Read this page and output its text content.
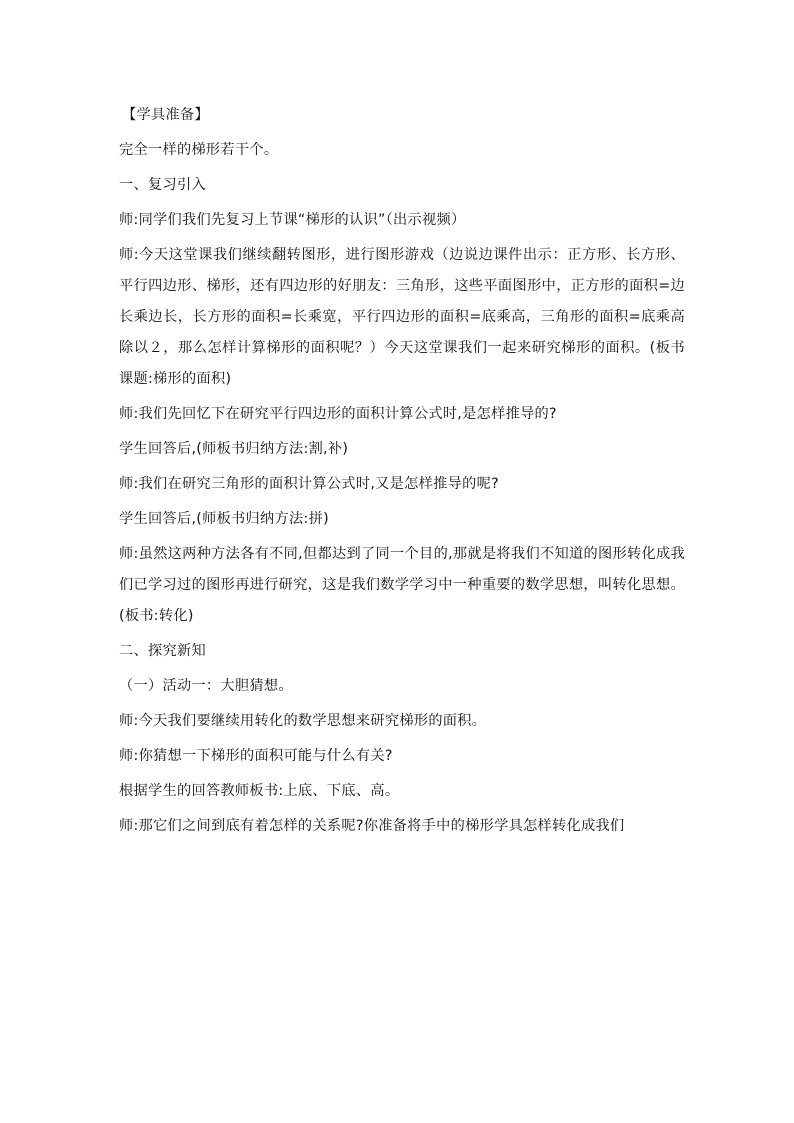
【学具准备】

完全一样的梯形若干个。

一、复习引入

师:同学们我们先复习上节课“梯形的认识”（出示视频）

师:今天这堂课我们继续翻转图形，进行图形游戏（边说边课件出示：正方形、长方形、平行四边形、梯形，还有四边形的好朋友：三角形，这些平面图形中，正方形的面积=边长乘边长，长方形的面积=长乘宽，平行四边形的面积=底乘高，三角形的面积=底乘高除以２，那么怎样计算梯形的面积呢？）今天这堂课我们一起来研究梯形的面积。(板书课题:梯形的面积)

师:我们先回忆下在研究平行四边形的面积计算公式时,是怎样推导的?

学生回答后,(师板书归纳方法:割,补)

师:我们在研究三角形的面积计算公式时,又是怎样推导的呢?

学生回答后,(师板书归纳方法:拼)

师:虽然这两种方法各有不同,但都达到了同一个目的,那就是将我们不知道的图形转化成我们已学习过的图形再进行研究，这是我们数学学习中一种重要的数学思想，叫转化思想。(板书:转化)

二、探究新知

（一）活动一：大胆猜想。

师:今天我们要继续用转化的数学思想来研究梯形的面积。

师:你猜想一下梯形的面积可能与什么有关?

根据学生的回答教师板书:上底、下底、高。

师:那它们之间到底有着怎样的关系呢?你准备将手中的梯形学具怎样转化成我们
